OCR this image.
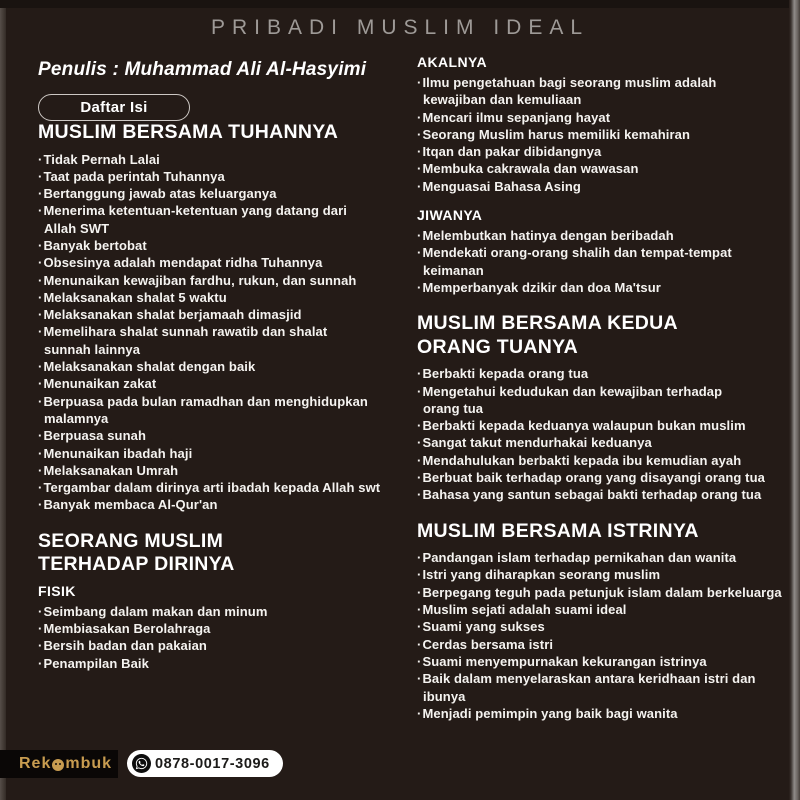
PRIBADI MUSLIM IDEAL
Penulis : Muhammad Ali Al-Hasyimi
Daftar Isi
MUSLIM BERSAMA TUHANNYA
· Tidak Pernah Lalai
· Taat pada perintah Tuhannya
· Bertanggung jawab atas keluarganya
· Menerima ketentuan-ketentuan yang datang dari
Allah SWT
· Banyak bertobat
· Obsesinya adalah mendapat ridha Tuhannya
· Menunaikan kewajiban fardhu, rukun, dan sunnah
· Melaksanakan shalat 5 waktu
· Melaksanakan shalat berjamaah dimasjid
· Memelihara shalat sunnah rawatib dan shalat
sunnah lainnya
· Melaksanakan shalat dengan baik
· Menunaikan zakat
· Berpuasa pada bulan ramadhan dan menghidupkan
malamnya
· Berpuasa sunah
· Menunaikan ibadah haji
· Melaksanakan Umrah
· Tergambar dalam dirinya arti ibadah kepada Allah swt
· Banyak membaca Al-Qur'an
SEORANG MUSLIM
TERHADAP DIRINYA
FISIK
· Seimbang dalam makan dan minum
· Membiasakan Berolahraga
· Bersih badan dan pakaian
· Penampilan Baik
AKALNYA
· Ilmu pengetahuan bagi seorang muslim adalah
kewajiban dan kemuliaan
· Mencari ilmu sepanjang hayat
· Seorang Muslim harus memiliki kemahiran
· Itqan dan pakar dibidangnya
· Membuka cakrawala dan wawasan
· Menguasai Bahasa Asing
JIWANYA
· Melembutkan hatinya dengan beribadah
· Mendekati orang-orang shalih dan tempat-tempat
keimanan
· Memperbanyak dzikir dan doa Ma'tsur
MUSLIM BERSAMA KEDUA
ORANG TUANYA
· Berbakti kepada orang tua
· Mengetahui kedudukan dan kewajiban terhadap
orang tua
· Berbakti kepada keduanya walaupun bukan muslim
· Sangat takut mendurhakai keduanya
· Mendahulukan berbakti kepada ibu kemudian ayah
· Berbuat baik terhadap orang yang disayangi orang tua
· Bahasa yang santun sebagai bakti terhadap orang tua
MUSLIM BERSAMA ISTRINYA
· Pandangan islam terhadap pernikahan dan wanita
· Istri yang diharapkan seorang muslim
· Berpegang teguh pada petunjuk islam dalam berkeluarga
· Muslim sejati adalah suami ideal
· Suami yang sukses
· Cerdas bersama istri
· Suami menyempurnakan kekurangan istrinya
· Baik dalam menyelaraskan antara keridhaan istri dan
ibunya
· Menjadi pemimpin yang baik bagi wanita
Rek mbuk	0878-0017-3096
